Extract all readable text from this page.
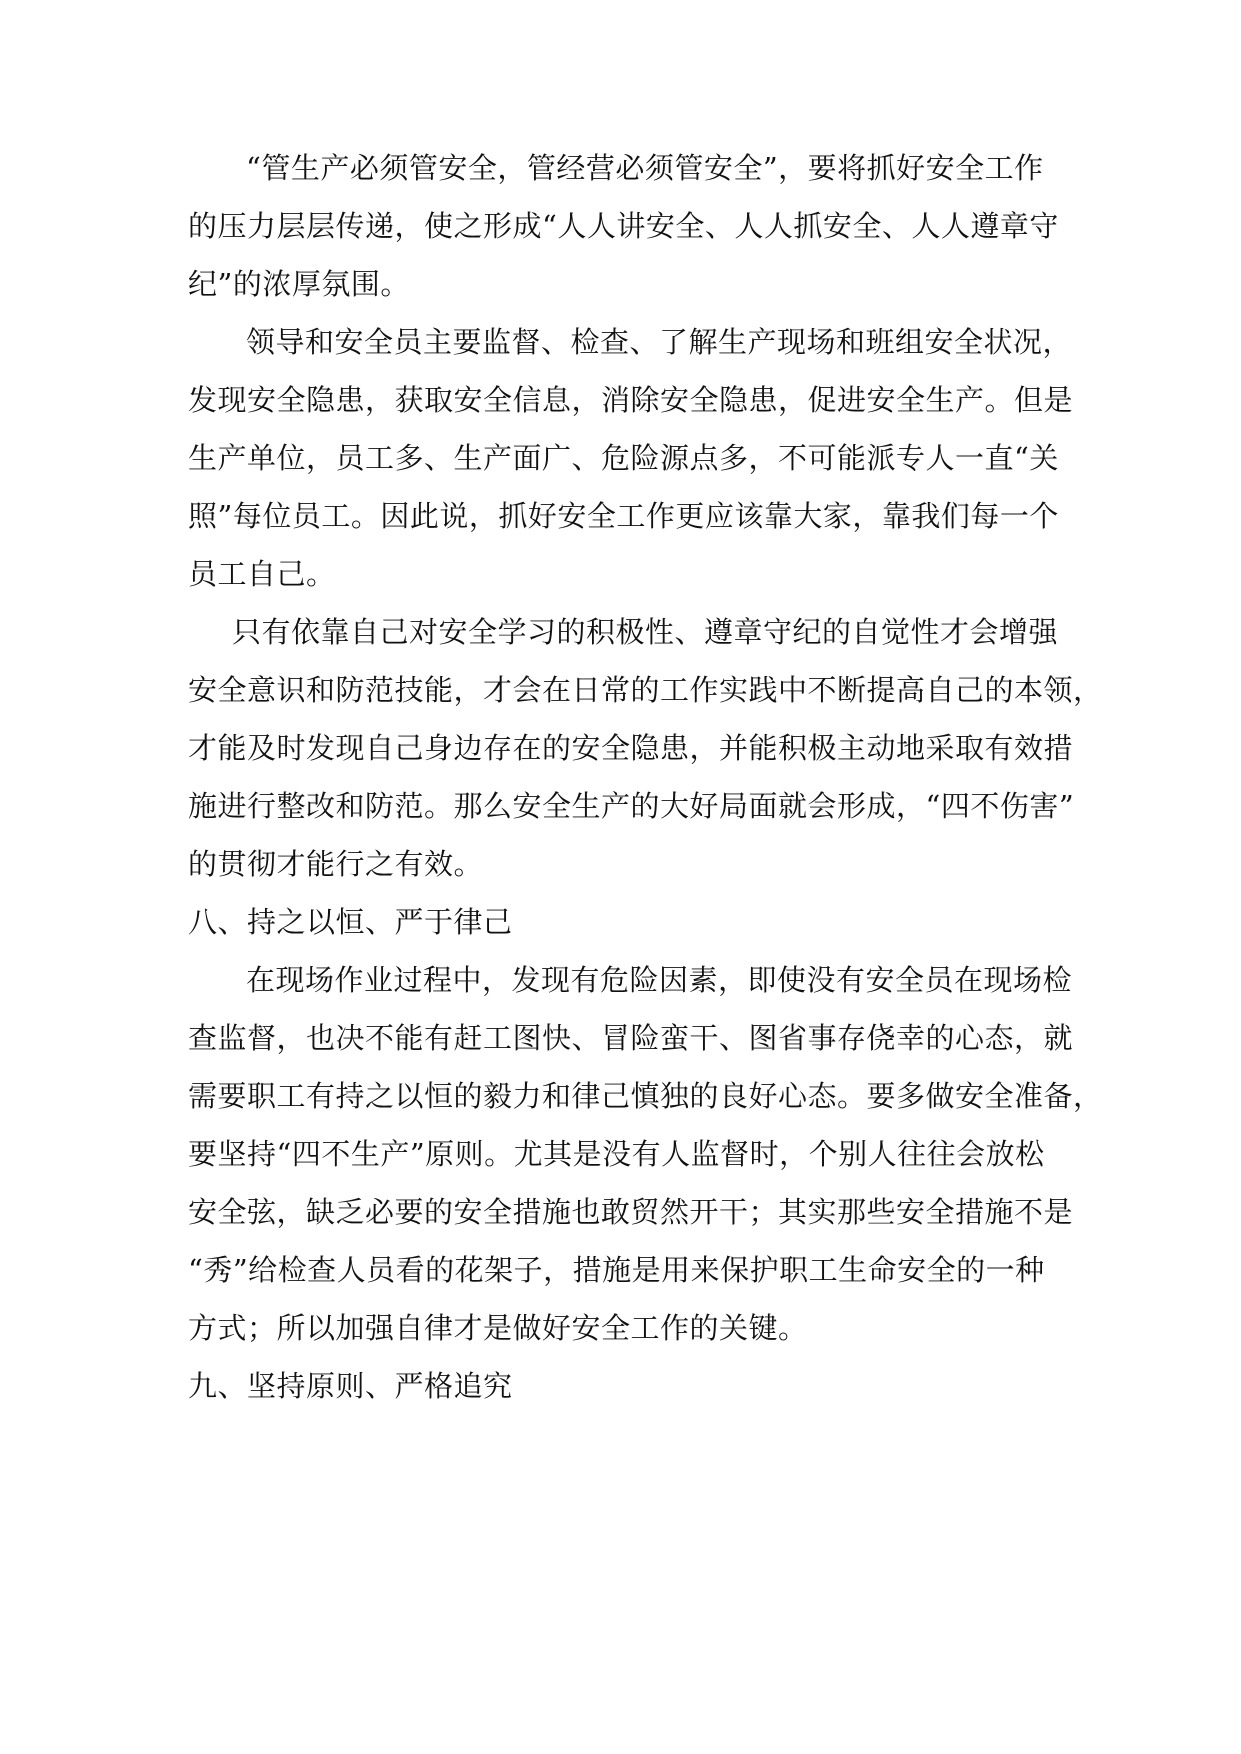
“管生产必须管安全，管经营必须管安全”，要将抓好安全工作

的压力层层传递，使之形成“人人讲安全、人人抓安全、人人遵章守

纪”的浓厚氛围。

领导和安全员主要监督、检查、了解生产现场和班组安全状况，

发现安全隐患，获取安全信息，消除安全隐患，促进安全生产。但是

生产单位，员工多、生产面广、危险源点多，不可能派专人一直“关

照”每位员工。因此说，抓好安全工作更应该靠大家，靠我们每一个

员工自己。

只有依靠自己对安全学习的积极性、遵章守纪的自觉性才会增强

安全意识和防范技能，才会在日常的工作实践中不断提高自己的本领，

才能及时发现自己身边存在的安全隐患，并能积极主动地采取有效措

施进行整改和防范。那么安全生产的大好局面就会形成，“四不伤害”

的贯彻才能行之有效。

八、持之以恒、严于律己

在现场作业过程中，发现有危险因素，即使没有安全员在现场检

查监督，也决不能有赶工图快、冒险蛮干、图省事存侥幸的心态，就

需要职工有持之以恒的毅力和律己慎独的良好心态。要多做安全准备，

要坚持“四不生产”原则。尤其是没有人监督时，个别人往往会放松

安全弦，缺乏必要的安全措施也敢贸然开干；其实那些安全措施不是

“秀”给检查人员看的花架子，措施是用来保护职工生命安全的一种

方式；所以加强自律才是做好安全工作的关键。

九、坚持原则、严格追究
